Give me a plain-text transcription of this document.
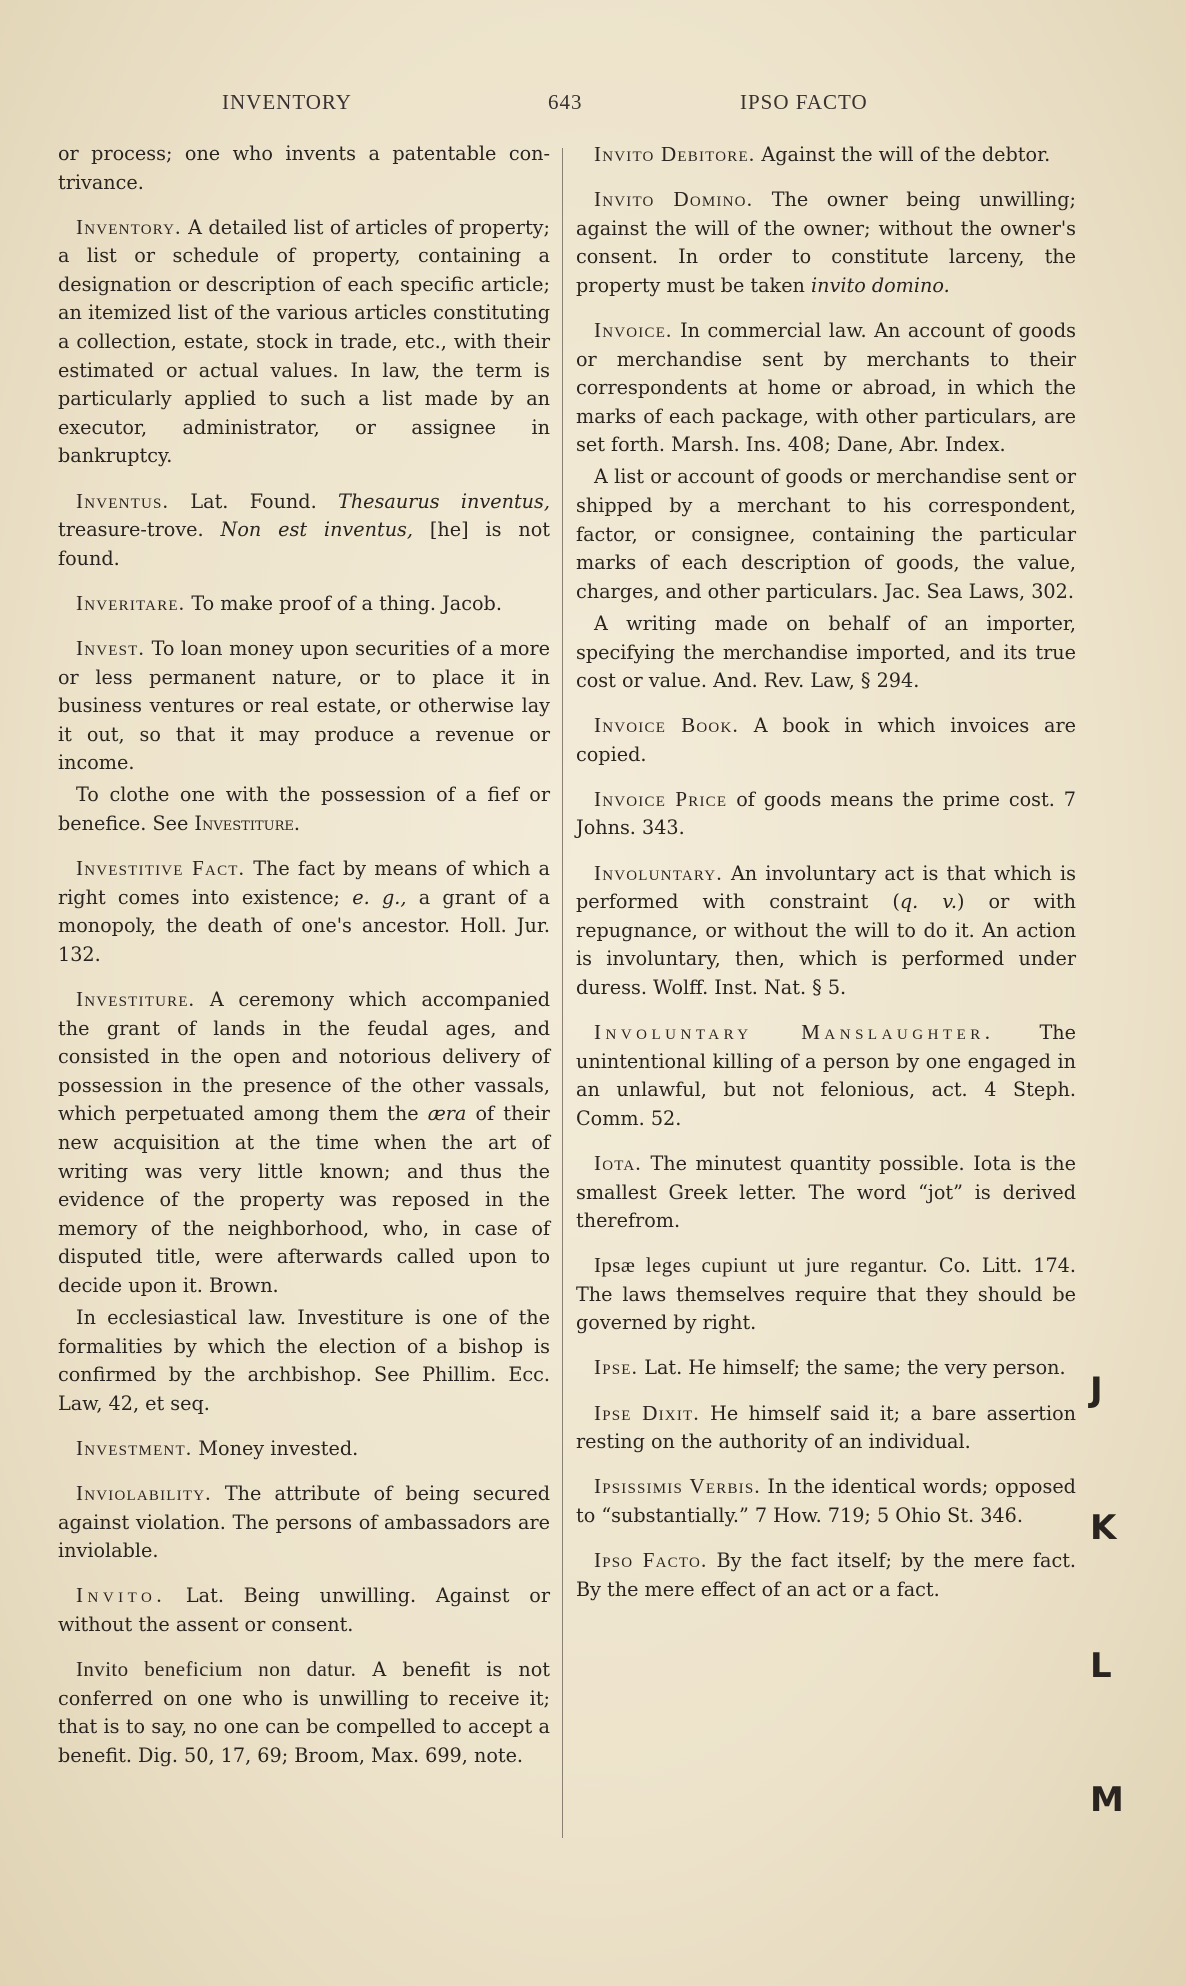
INVENTORY	643	IPSO FACTO

or process; one who invents a patentable con-trivance.

Inventory. A detailed list of articles of property; a list or schedule of property, containing a designation or description of each specific article; an itemized list of the various articles constituting a collection, estate, stock in trade, etc., with their estimated or actual values. In law, the term is particularly applied to such a list made by an executor, administrator, or assignee in bankruptcy.

Inventus. Lat. Found. Thesaurus inventus, treasure-trove. Non est inventus, [he] is not found.

Inveritare. To make proof of a thing. Jacob.

Invest. To loan money upon securities of a more or less permanent nature, or to place it in business ventures or real estate, or otherwise lay it out, so that it may produce a revenue or income.

To clothe one with the possession of a fief or benefice. See Investiture.

Investitive Fact. The fact by means of which a right comes into existence; e. g., a grant of a monopoly, the death of one's ancestor. Holl. Jur. 132.

Investiture. A ceremony which accompanied the grant of lands in the feudal ages, and consisted in the open and notorious delivery of possession in the presence of the other vassals, which perpetuated among them the æra of their new acquisition at the time when the art of writing was very little known; and thus the evidence of the property was reposed in the memory of the neighborhood, who, in case of disputed title, were afterwards called upon to decide upon it. Brown.

In ecclesiastical law. Investiture is one of the formalities by which the election of a bishop is confirmed by the archbishop. See Phillim. Ecc. Law, 42, et seq.

Investment. Money invested.

Inviolability. The attribute of being secured against violation. The persons of ambassadors are inviolable.

Invito. Lat. Being unwilling. Against or without the assent or consent.

Invito beneficium non datur. A benefit is not conferred on one who is unwilling to receive it; that is to say, no one can be compelled to accept a benefit. Dig. 50, 17, 69; Broom, Max. 699, note.

Invito Debitore. Against the will of the debtor.

Invito Domino. The owner being unwilling; against the will of the owner; without the owner's consent. In order to constitute larceny, the property must be taken invito domino.

Invoice. In commercial law. An account of goods or merchandise sent by merchants to their correspondents at home or abroad, in which the marks of each package, with other particulars, are set forth. Marsh. Ins. 408; Dane, Abr. Index.

A list or account of goods or merchandise sent or shipped by a merchant to his correspondent, factor, or consignee, containing the particular marks of each description of goods, the value, charges, and other particulars. Jac. Sea Laws, 302.

A writing made on behalf of an importer, specifying the merchandise imported, and its true cost or value. And. Rev. Law, § 294.

Invoice Book. A book in which invoices are copied.

Invoice Price of goods means the prime cost. 7 Johns. 343.

Involuntary. An involuntary act is that which is performed with constraint (q. v.) or with repugnance, or without the will to do it. An action is involuntary, then, which is performed under duress. Wolff. Inst. Nat. § 5.

Involuntary Manslaughter. The unintentional killing of a person by one engaged in an unlawful, but not felonious, act. 4 Steph. Comm. 52.

Iota. The minutest quantity possible. Iota is the smallest Greek letter. The word “jot” is derived therefrom.

Ipsæ leges cupiunt ut jure regantur. Co. Litt. 174. The laws themselves require that they should be governed by right.

Ipse. Lat. He himself; the same; the very person.

Ipse Dixit. He himself said it; a bare assertion resting on the authority of an individual.

Ipsissimis Verbis. In the identical words; opposed to “substantially.” 7 How. 719; 5 Ohio St. 346.

Ipso Facto. By the fact itself; by the mere fact. By the mere effect of an act or a fact.

J
K
L
M
